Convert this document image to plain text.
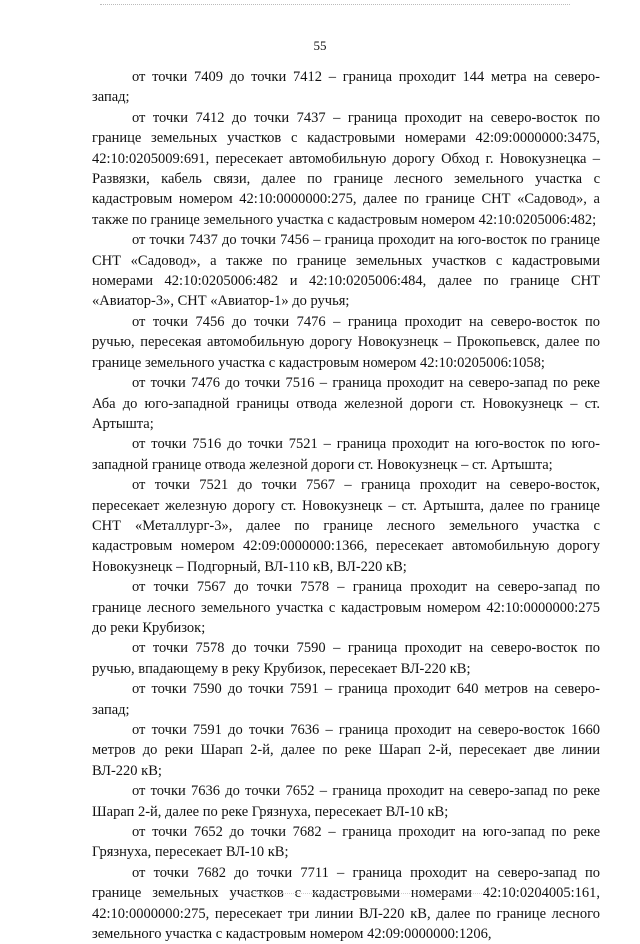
55

от точки 7409 до точки 7412 – граница проходит 144 метра на северо-запад;

от точки 7412 до точки 7437 – граница проходит на северо-восток по границе земельных участков с кадастровыми номерами 42:09:0000000:3475, 42:10:0205009:691, пересекает автомобильную дорогу Обход г. Новокузнецка – Развязки, кабель связи, далее по границе лесного земельного участка с кадастровым номером 42:10:0000000:275, далее по границе СНТ «Садовод», а также по границе земельного участка с кадастровым номером 42:10:0205006:482;

от точки 7437 до точки 7456 – граница проходит на юго-восток по границе СНТ «Садовод», а также по границе земельных участков с кадастровыми номерами 42:10:0205006:482 и 42:10:0205006:484, далее по границе СНТ «Авиатор-3», СНТ «Авиатор-1» до ручья;

от точки 7456 до точки 7476 – граница проходит на северо-восток по ручью, пересекая автомобильную дорогу Новокузнецк – Прокопьевск, далее по границе земельного участка с кадастровым номером 42:10:0205006:1058;

от точки 7476 до точки 7516 – граница проходит на северо-запад по реке Аба до юго-западной границы отвода железной дороги ст. Новокузнецк – ст. Артышта;

от точки 7516 до точки 7521 – граница проходит на юго-восток по юго-западной границе отвода железной дороги ст. Новокузнецк – ст. Артышта;

от точки 7521 до точки 7567 – граница проходит на северо-восток, пересекает железную дорогу ст. Новокузнецк – ст. Артышта, далее по границе СНТ «Металлург-3», далее по границе лесного земельного участка с кадастровым номером 42:09:0000000:1366, пересекает автомобильную дорогу Новокузнецк – Подгорный, ВЛ-110 кВ, ВЛ-220 кВ;

от точки 7567 до точки 7578 – граница проходит на северо-запад по границе лесного земельного участка с кадастровым номером 42:10:0000000:275 до реки Крубизок;

от точки 7578 до точки 7590 – граница проходит на северо-восток по ручью, впадающему в реку Крубизок, пересекает ВЛ-220 кВ;

от точки 7590 до точки 7591 – граница проходит 640 метров на северо-запад;

от точки 7591 до точки 7636 – граница проходит на северо-восток 1660 метров до реки Шарап 2-й, далее по реке Шарап 2-й, пересекает две линии ВЛ-220 кВ;

от точки 7636 до точки 7652 – граница проходит на северо-запад по реке Шарап 2-й, далее по реке Грязнуха, пересекает ВЛ-10 кВ;

от точки 7652 до точки 7682 – граница проходит на юго-запад по реке Грязнуха, пересекает ВЛ-10 кВ;

от точки 7682 до точки 7711 – граница проходит на северо-запад по границе земельных участков с кадастровыми номерами 42:10:0204005:161, 42:10:0000000:275, пересекает три линии ВЛ-220 кВ, далее по границе лесного земельного участка с кадастровым номером 42:09:0000000:1206,
